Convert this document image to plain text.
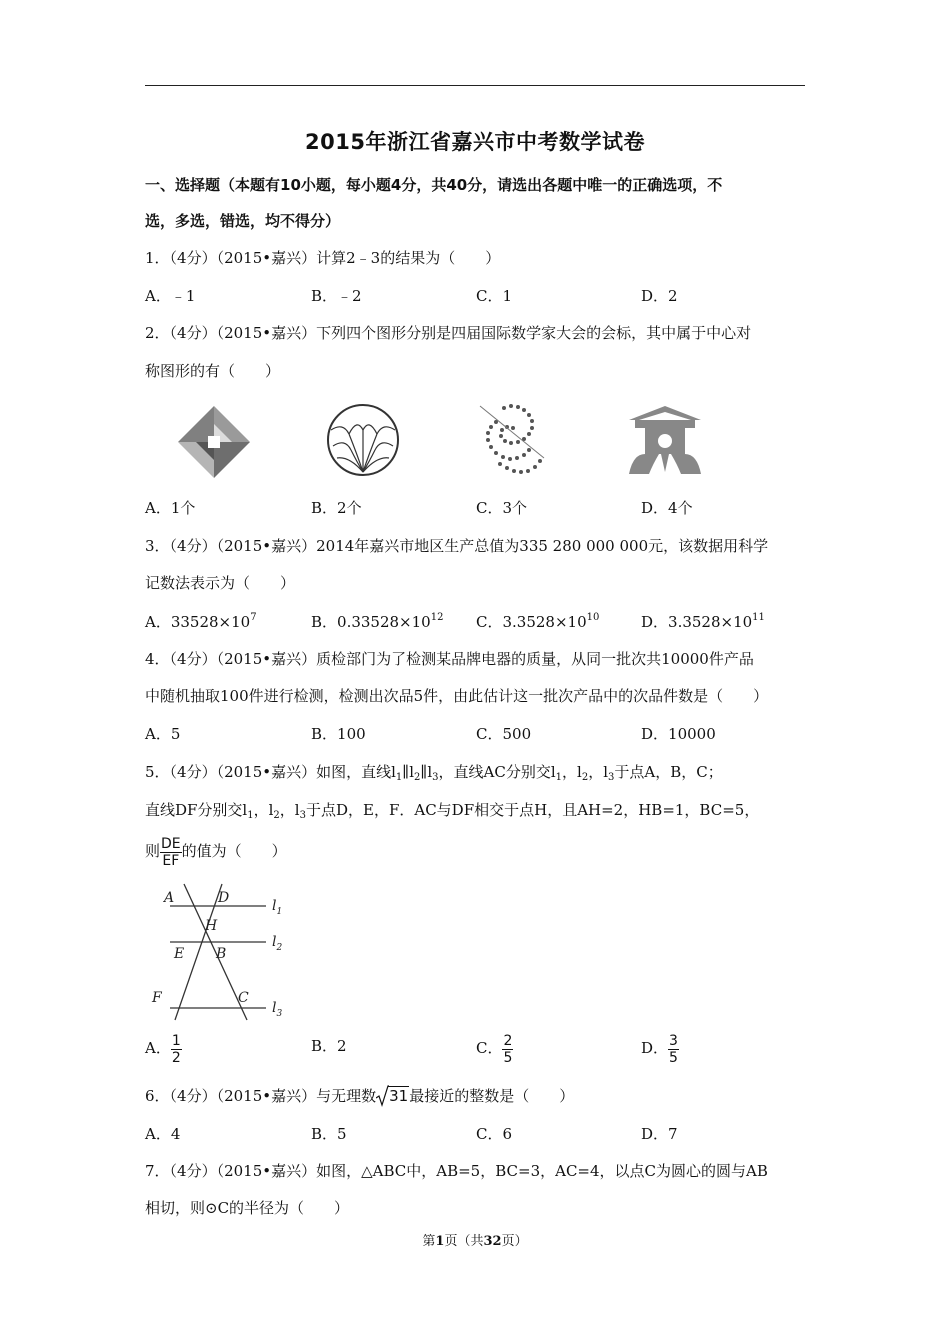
2015年浙江省嘉兴市中考数学试卷
一、选择题（本题有10小题，每小题4分，共40分，请选出各题中唯一的正确选项，不
选，多选，错选，均不得分）
1．（4分）（2015•嘉兴）计算2﹣3的结果为（　　）
A．﹣1	B．﹣2	C．1	D．2
2．（4分）（2015•嘉兴）下列四个图形分别是四届国际数学家大会的会标，其中属于中心对
称图形的有（　　）
A．1个	B．2个	C．3个	D．4个
3．（4分）（2015•嘉兴）2014年嘉兴市地区生产总值为335 280 000 000元，该数据用科学
记数法表示为（　　）
A．$33528\times 10^7$	B．$0.33528\times 10^{12}$ C．$3.3528\times 10^{10}$	D．$3.3528\times 10^{11}$
4．（4分）（2015•嘉兴）质检部门为了检测某品牌电器的质量，从同一批次共10000件产品
中随机抽取100件进行检测，检测出次品5件，由此估计这一批次产品中的次品件数是（　　）
A．5	B．100	C．500	D．10000
5．（4分）（2015•嘉兴）如图，直线$l_1\parallel l_2\parallel l_3$，直线AC分别交$l_1$，$l_2$，$l_3$于点A，B，C；
直线DF分别交$l_1$，$l_2$，$l_3$于点D，E，F．AC与DF相交于点H，且AH=2，HB=1，BC=5，
则 $\frac{DE}{EF}$ 的值为（　　）
A	D
H
E B
F	C
$l_1$
$l_2$
$l_3$
A． $\frac{1}{2}$	B．2	C． $\frac{2}{5}$	D． $\frac{3}{5}$
6．（4分）（2015•嘉兴）与无理数 31最接近的整数是（　　）
A．4	B．5	C．6	D．7
7．（4分）（2015•嘉兴）如图，△ABC中，AB=5，BC=3，AC=4，以点C为圆心的圆与AB
相切，则⊙C的半径为（　　）
第1页（共32页）
